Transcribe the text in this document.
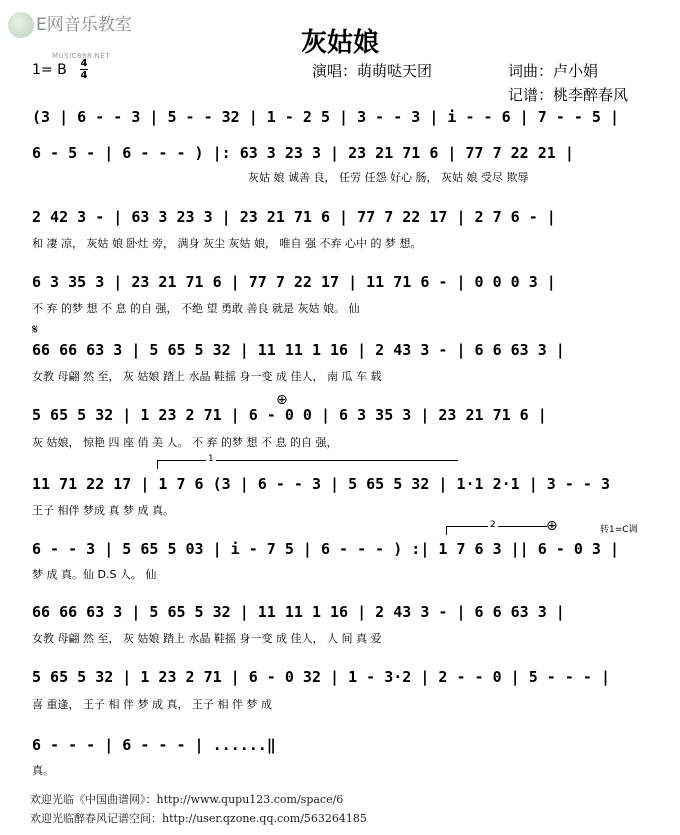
E网音乐教室
MUSIC888.NET	灰姑娘
1= B 4
4	演唱：萌萌哒天团	词曲：卢小娟
记谱：桃李醉春风
(3 | 6 - - 3 | 5 - - 32 | 1 - 2 5 | 3 - - 3 | i - - 6 | 7 - - 5 |
6 - 5 - | 6 - - - ) |: 63 3 23 3 | 23 21 71 6 | 77 7 22 21 |
灰姑 娘 诚善 良， 任劳 任怨 好心 肠， 灰姑 娘 受尽 欺辱
2 42 3 - | 63 3 23 3 | 23 21 71 6 | 77 7 22 17 | 2 7 6 - |
和 凄 凉， 灰姑 娘 卧灶 旁， 满身 灰尘 灰姑 娘， 唯自 强 不弃 心中 的 梦 想。
6 3 35 3 | 23 21 71 6 | 77 7 22 17 | 11 71 6 - | 0 0 0 3 |
不 弃 的梦 想 不 息 的自 强， 不绝 望 勇敢 善良 就是 灰姑 娘。 仙
𝄋
66 66 63 3 | 5 65 5 32 | 11 11 1 16 | 2 43 3 - | 6 6 63 3 |
女教 母翩 然 至， 灰 姑娘 踏上 水晶 鞋摇 身一变 成 佳人， 南 瓜 车 载
5 65 5 32 | 1 23 2 71 | 6 - 0 0 | 6 3 35 3 | 23 21 71 6 |
⊕
灰 姑娘， 惊艳 四 座 俏 美 人。 不 弃 的梦 想 不 息 的自 强，
1
11 71 22 17 | 1 7 6 (3 | 6 - - 3 | 5 65 5 32 | 1·1 2·1 | 3 - - 3
王子 相伴 梦成 真 梦 成 真。
2	⊕	转1=C调
6 - - 3 | 5 65 5 03 | i - 7 5 | 6 - - - ) :| 1 7 6 3 || 6 - 0 3 |
梦 成 真。仙 D.S 人。 仙
66 66 63 3 | 5 65 5 32 | 11 11 1 16 | 2 43 3 - | 6 6 63 3 |
女教 母翩 然 至， 灰 姑娘 踏上 水晶 鞋摇 身一变 成 佳人， 人 间 真 爱
5 65 5 32 | 1 23 2 71 | 6 - 0 32 | 1 - 3·2 | 2 - - 0 | 5 - - - |
喜 重逢， 王子 相 伴 梦 成 真， 王子 相 伴 梦 成
6 - - - | 6 - - - | ......‖
真。
欢迎光临《中国曲谱网》：http://www.qupu123.com/space/6
欢迎光临醉春风记谱空间：http://user.qzone.qq.com/563264185
